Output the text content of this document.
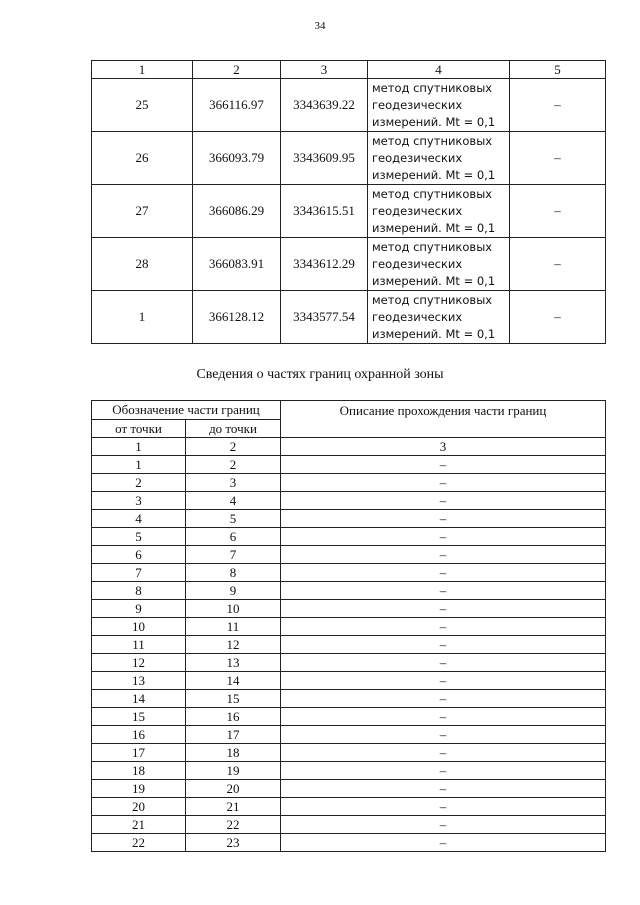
34
1	2	3	4	5
25	366116.97	3343639.22	метод спутниковых
геодезических
измерений. Mt = 0,1	–
26	366093.79	3343609.95	метод спутниковых
геодезических
измерений. Mt = 0,1	–
27	366086.29	3343615.51	метод спутниковых
геодезических
измерений. Mt = 0,1	–
28	366083.91	3343612.29	метод спутниковых
геодезических
измерений. Mt = 0,1	–
1	366128.12	3343577.54	метод спутниковых
геодезических
измерений. Mt = 0,1	–
Сведения о частях границ охранной зоны
Обозначение части границ		Описание прохождения части границ
от точки	до точки	
1	2	3
1	2	–
2	3	–
3	4	–
4	5	–
5	6	–
6	7	–
7	8	–
8	9	–
9	10	–
10	11	–
11	12	–
12	13	–
13	14	–
14	15	–
15	16	–
16	17	–
17	18	–
18	19	–
19	20	–
20	21	–
21	22	–
22	23	–
